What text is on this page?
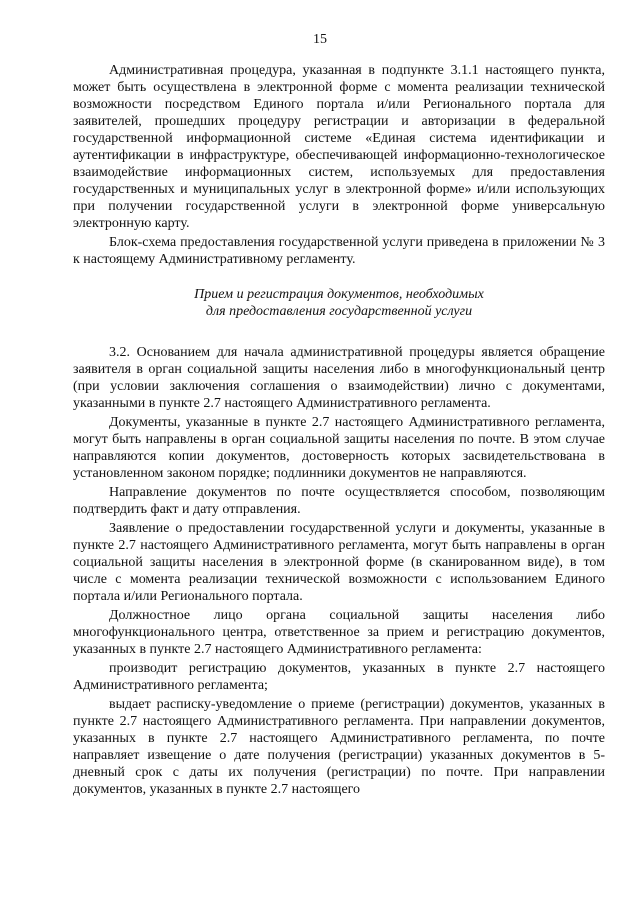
15

Административная процедура, указанная в подпункте 3.1.1 настоящего пункта, может быть осуществлена в электронной форме с момента реализации технической возможности посредством Единого портала и/или Регионального портала для заявителей, прошедших процедуру регистрации и авторизации в федеральной государственной информационной системе «Единая система идентификации и аутентификации в инфраструктуре, обеспечивающей информационно-технологическое взаимодействие информационных систем, используемых для предоставления государственных и муниципальных услуг в электронной форме» и/или использующих при получении государственной услуги в электронной форме универсальную электронную карту.

Блок-схема предоставления государственной услуги приведена в приложении № 3 к настоящему Административному регламенту.

Прием и регистрация документов, необходимых
для предоставления государственной услуги

3.2. Основанием для начала административной процедуры является обращение заявителя в орган социальной защиты населения либо в многофункциональный центр (при условии заключения соглашения о взаимодействии) лично с документами, указанными в пункте 2.7 настоящего Административного регламента.

Документы, указанные в пункте 2.7 настоящего Административного регламента, могут быть направлены в орган социальной защиты населения по почте. В этом случае направляются копии документов, достоверность которых засвидетельствована в установленном законом порядке; подлинники документов не направляются.

Направление документов по почте осуществляется способом, позволяющим подтвердить факт и дату отправления.

Заявление о предоставлении государственной услуги и документы, указанные в пункте 2.7 настоящего Административного регламента, могут быть направлены в орган социальной защиты населения в электронной форме (в сканированном виде), в том числе с момента реализации технической возможности с использованием Единого портала и/или Регионального портала.

Должностное лицо органа социальной защиты населения либо многофункционального центра, ответственное за прием и регистрацию документов, указанных в пункте 2.7 настоящего Административного регламента:

производит регистрацию документов, указанных в пункте 2.7 настоящего Административного регламента;

выдает расписку-уведомление о приеме (регистрации) документов, указанных в пункте 2.7 настоящего Административного регламента. При направлении документов, указанных в пункте 2.7 настоящего Административного регламента, по почте направляет извещение о дате получения (регистрации) указанных документов в 5-дневный срок с даты их получения (регистрации) по почте. При направлении документов, указанных в пункте 2.7 настоящего
